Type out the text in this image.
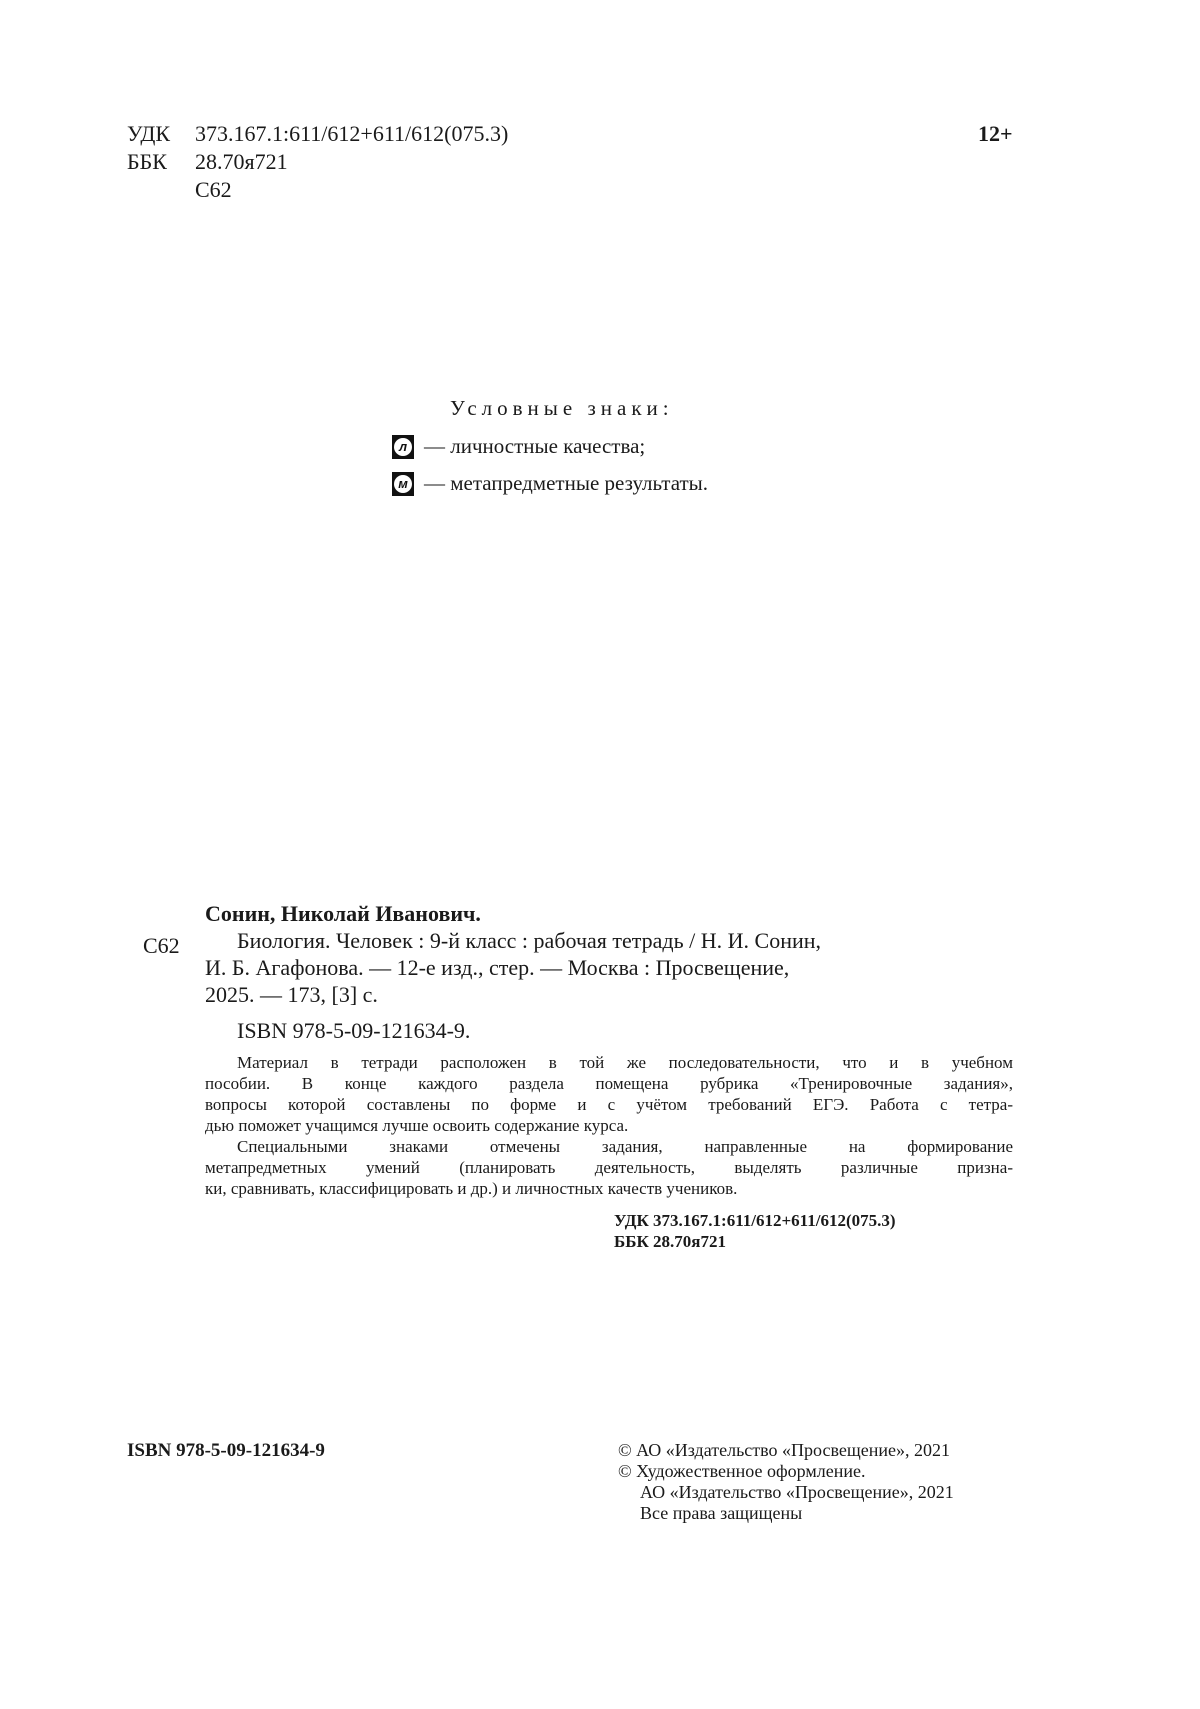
УДК 373.167.1:611/612+611/612(075.3)
ББК 28.70я721
С62
12+
Условные знаки:
л — личностные качества;
м — метапредметные результаты.
Сонин, Николай Иванович.
С62	Биология. Человек : 9-й класс : рабочая тетрадь / Н. И. Сонин,
И. Б. Агафонова. — 12-е изд., стер. — Москва : Просвещение,
2025. — 173, [3] с.
ISBN 978-5-09-121634-9.
Материал в тетради расположен в той же последовательности, что и в учебном
пособии. В конце каждого раздела помещена рубрика «Тренировочные задания»,
вопросы которой составлены по форме и с учётом требований ЕГЭ. Работа с тетра-
дью поможет учащимся лучше освоить содержание курса.
Специальными знаками отмечены задания, направленные на формирование
метапредметных умений (планировать деятельность, выделять различные призна-
ки, сравнивать, классифицировать и др.) и личностных качеств учеников.
УДК 373.167.1:611/612+611/612(075.3)
ББК 28.70я721
ISBN 978-5-09-121634-9	© АО «Издательство «Просвещение», 2021
© Художественное оформление.
АО «Издательство «Просвещение», 2021
Все права защищены
